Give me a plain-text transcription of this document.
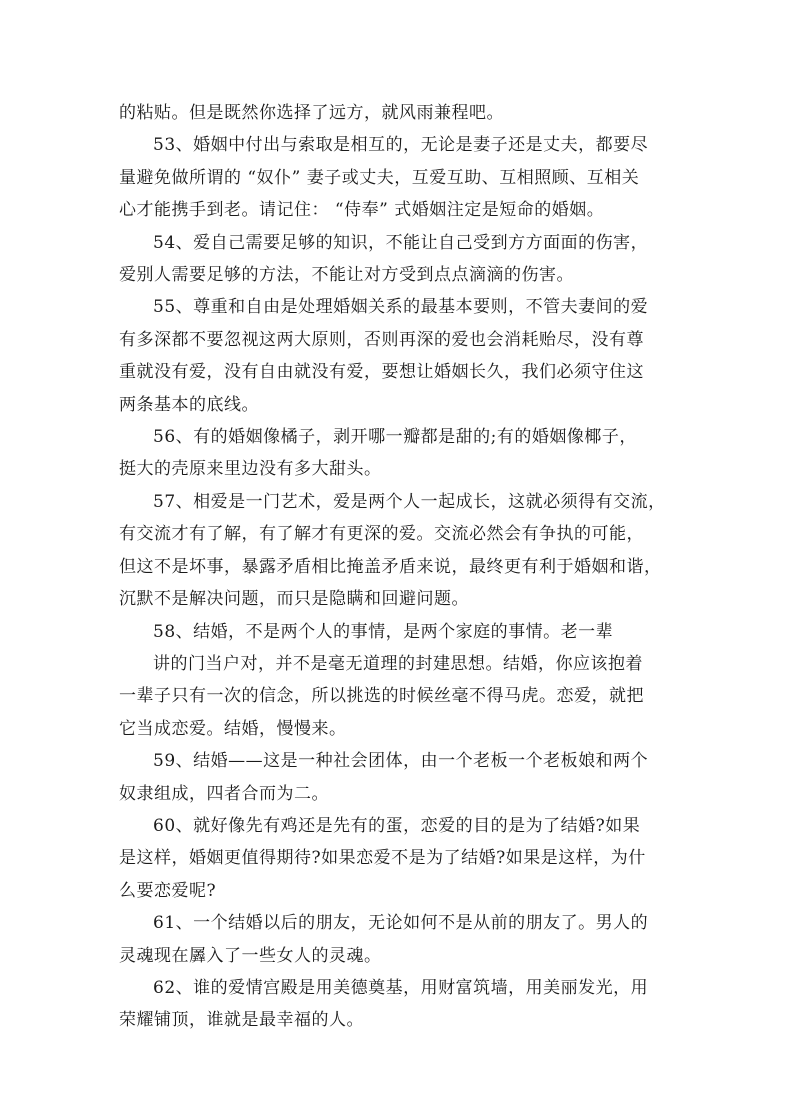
的粘贴。但是既然你选择了远方，就风雨兼程吧。

53、婚姻中付出与索取是相互的，无论是妻子还是丈夫，都要尽
量避免做所谓的 “奴仆” 妻子或丈夫，互爱互助、互相照顾、互相关
心才能携手到老。请记住： “侍奉” 式婚姻注定是短命的婚姻。

54、爱自己需要足够的知识，不能让自己受到方方面面的伤害，
爱别人需要足够的方法，不能让对方受到点点滴滴的伤害。

55、尊重和自由是处理婚姻关系的最基本要则，不管夫妻间的爱
有多深都不要忽视这两大原则，否则再深的爱也会消耗贻尽，没有尊
重就没有爱，没有自由就没有爱，要想让婚姻长久，我们必须守住这
两条基本的底线。

56、有的婚姻像橘子，剥开哪一瓣都是甜的;有的婚姻像椰子，
挺大的壳原来里边没有多大甜头。

57、相爱是一门艺术，爱是两个人一起成长，这就必须得有交流，
有交流才有了解，有了解才有更深的爱。交流必然会有争执的可能，
但这不是坏事，暴露矛盾相比掩盖矛盾来说，最终更有利于婚姻和谐，
沉默不是解决问题，而只是隐瞒和回避问题。

58、结婚，不是两个人的事情，是两个家庭的事情。老一辈
讲的门当户对，并不是毫无道理的封建思想。结婚，你应该抱着
一辈子只有一次的信念，所以挑选的时候丝毫不得马虎。恋爱，就把
它当成恋爱。结婚，慢慢来。

59、结婚——这是一种社会团体，由一个老板一个老板娘和两个
奴隶组成，四者合而为二。

60、就好像先有鸡还是先有的蛋，恋爱的目的是为了结婚?如果
是这样，婚姻更值得期待?如果恋爱不是为了结婚?如果是这样，为什
么要恋爱呢?

61、一个结婚以后的朋友，无论如何不是从前的朋友了。男人的
灵魂现在羼入了一些女人的灵魂。

62、谁的爱情宫殿是用美德奠基，用财富筑墙，用美丽发光，用
荣耀铺顶，谁就是最幸福的人。
